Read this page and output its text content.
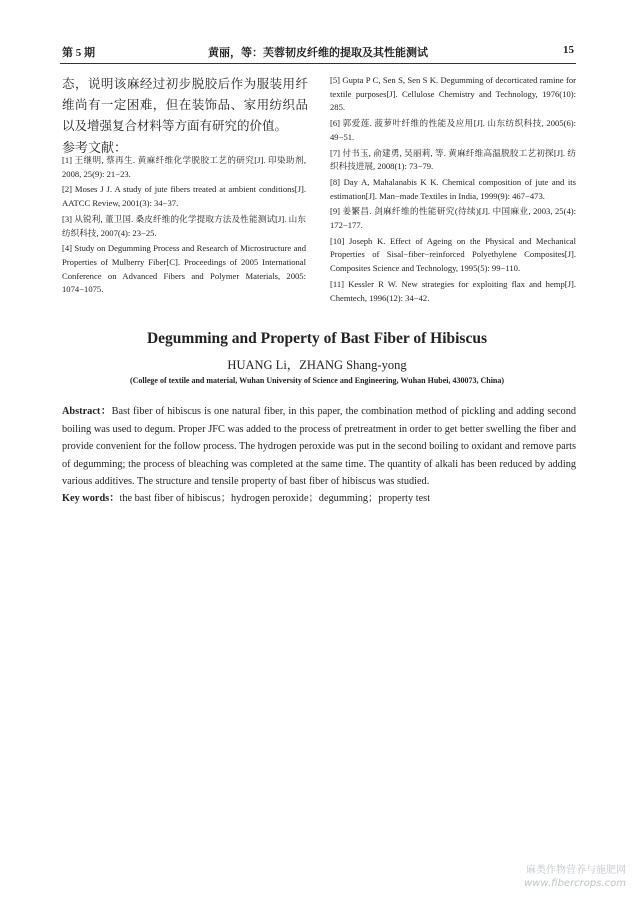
第 5 期	黄丽，等：芙蓉韧皮纤维的提取及其性能测试	15

态，说明该麻经过初步脱胶后作为服装用纤维尚有一定困难，但在装饰品、家用纺织品以及增强复合材料等方面有研究的价值。

参考文献：

[1] 王继明, 蔡再生. 黄麻纤维化学脱胶工艺的研究[J]. 印染助剂, 2008, 25(9): 21−23.

[2] Moses J J. A study of jute fibers treated at ambient conditions[J]. AATCC Review, 2001(3): 34−37.

[3] 从锐利, 董卫国. 桑皮纤维的化学提取方法及性能测试[J]. 山东纺织科技, 2007(4): 23−25.

[4] Study on Degumming Process and Research of Microstructure and Properties of Mulberry Fiber[C]. Proceedings of 2005 International Conference on Advanced Fibers and Polymer Materials, 2005: 1074−1075.

[5] Gupta P C, Sen S, Sen S K. Degumming of decorticated ramine for textile purposes[J]. Cellulose Chemistry and Technology, 1976(10): 285.

[6] 郭爱莲. 菠萝叶纤维的性能及应用[J]. 山东纺织科技, 2005(6): 49−51.

[7] 付书玉, 俞建勇, 吴丽莉, 等. 黄麻纤维高温脱胶工艺初探[J]. 纺织科技进展, 2008(1): 73−79.

[8] Day A, Mahalanabis K K. Chemical composition of jute and its estimation[J]. Man−made Textiles in India, 1999(9): 467−473.

[9] 姜繁昌. 剑麻纤维的性能研究(待续)[J]. 中国麻业, 2003, 25(4): 172−177.

[10] Joseph K. Effect of Ageing on the Physical and Mechanical Properties of Sisal−fiber−reinforced Polyethylene Composites[J]. Composites Science and Technology, 1995(5): 99−110.

[11] Kessler R W. New strategies for exploiting flax and hemp[J]. Chemtech, 1996(12): 34−42.

Degumming and Property of Bast Fiber of Hibiscus

HUANG Li，ZHANG Shang-yong

(College of textile and material, Wuhan University of Science and Engineering, Wuhan Hubei, 430073, China)

Abstract：Bast fiber of hibiscus is one natural fiber, in this paper, the combination method of pickling and adding second boiling was used to degum. Proper JFC was added to the process of pretreatment in order to get better swelling the fiber and provide convenient for the follow process. The hydrogen peroxide was put in the second boiling to oxidant and remove parts of degumming; the process of bleaching was completed at the same time. The quantity of alkali has been reduced by adding various additives. The structure and tensile property of bast fiber of hibiscus was studied.

Key words：the bast fiber of hibiscus；hydrogen peroxide；degumming；property test

麻类作物营养与施肥网
www.fibercrops.com
